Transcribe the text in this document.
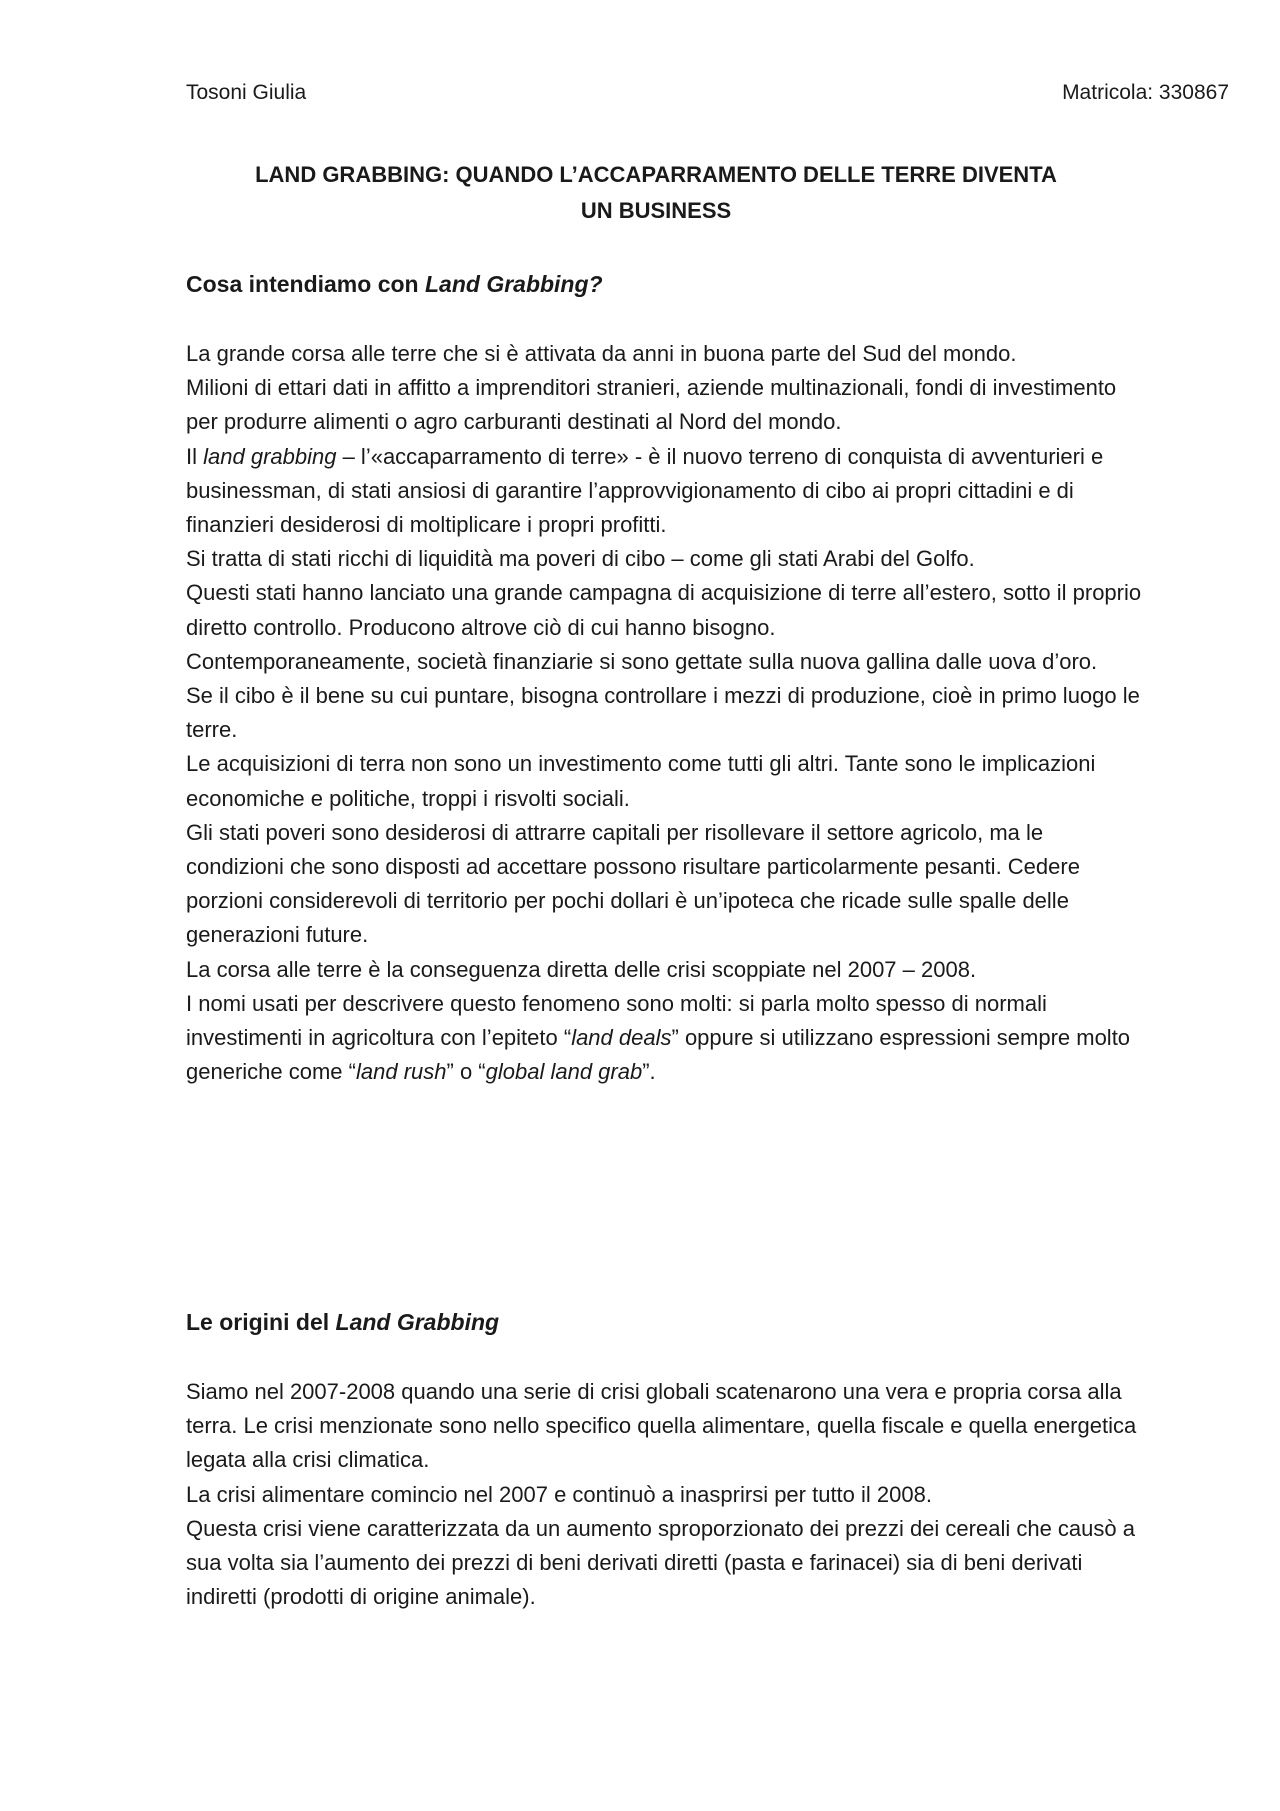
Tosoni Giulia	Matricola: 330867
LAND GRABBING: QUANDO L’ACCAPARRAMENTO DELLE TERRE DIVENTA
UN BUSINESS
Cosa intendiamo con Land Grabbing?

La grande corsa alle terre che si è attivata da anni in buona parte del Sud del mondo.

Milioni di ettari dati in affitto a imprenditori stranieri, aziende multinazionali, fondi di investimento per produrre alimenti o agro carburanti destinati al Nord del mondo.

Il land grabbing – l’«accaparramento di terre» - è il nuovo terreno di conquista di avventurieri e businessman, di stati ansiosi di garantire l’approvvigionamento di cibo ai propri cittadini e di finanzieri desiderosi di moltiplicare i propri profitti.

Si tratta di stati ricchi di liquidità ma poveri di cibo – come gli stati Arabi del Golfo.

Questi stati hanno lanciato una grande campagna di acquisizione di terre all’estero, sotto il proprio diretto controllo. Producono altrove ciò di cui hanno bisogno.

Contemporaneamente, società finanziarie si sono gettate sulla nuova gallina dalle uova d’oro.

Se il cibo è il bene su cui puntare, bisogna controllare i mezzi di produzione, cioè in primo luogo le terre.

Le acquisizioni di terra non sono un investimento come tutti gli altri. Tante sono le implicazioni economiche e politiche, troppi i risvolti sociali.

Gli stati poveri sono desiderosi di attrarre capitali per risollevare il settore agricolo, ma le condizioni che sono disposti ad accettare possono risultare particolarmente pesanti. Cedere porzioni considerevoli di territorio per pochi dollari è un’ipoteca che ricade sulle spalle delle generazioni future.

La corsa alle terre è la conseguenza diretta delle crisi scoppiate nel 2007 – 2008.

I nomi usati per descrivere questo fenomeno sono molti: si parla molto spesso di normali investimenti in agricoltura con l’epiteto “land deals” oppure si utilizzano espressioni sempre molto generiche come “land rush” o “global land grab”.

Le origini del Land Grabbing

Siamo nel 2007-2008 quando una serie di crisi globali scatenarono una vera e propria corsa alla terra. Le crisi menzionate sono nello specifico quella alimentare, quella fiscale e quella energetica legata alla crisi climatica.

La crisi alimentare comincio nel 2007 e continuò a inasprirsi per tutto il 2008.

Questa crisi viene caratterizzata da un aumento sproporzionato dei prezzi dei cereali che causò a sua volta sia l’aumento dei prezzi di beni derivati diretti (pasta e farinacei) sia di beni derivati indiretti (prodotti di origine animale).
